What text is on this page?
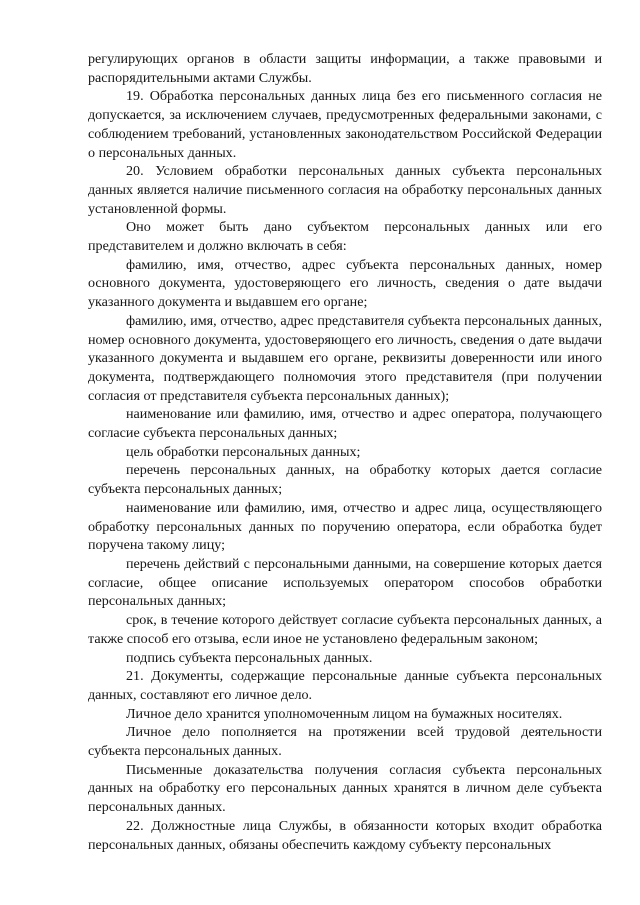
регулирующих органов в области защиты информации, а также правовыми и распорядительными актами Службы.

19. Обработка персональных данных лица без его письменного согласия не допускается, за исключением случаев, предусмотренных федеральными законами, с соблюдением требований, установленных законодательством Российской Федерации о персональных данных.

20. Условием обработки персональных данных субъекта персональных данных является наличие письменного согласия на обработку персональных данных установленной формы.

Оно может быть дано субъектом персональных данных или его представителем и должно включать в себя:

фамилию, имя, отчество, адрес субъекта персональных данных, номер основного документа, удостоверяющего его личность, сведения о дате выдачи указанного документа и выдавшем его органе;

фамилию, имя, отчество, адрес представителя субъекта персональных данных, номер основного документа, удостоверяющего его личность, сведения о дате выдачи указанного документа и выдавшем его органе, реквизиты доверенности или иного документа, подтверждающего полномочия этого представителя (при получении согласия от представителя субъекта персональных данных);

наименование или фамилию, имя, отчество и адрес оператора, получающего согласие субъекта персональных данных;

цель обработки персональных данных;

перечень персональных данных, на обработку которых дается согласие субъекта персональных данных;

наименование или фамилию, имя, отчество и адрес лица, осуществляющего обработку персональных данных по поручению оператора, если обработка будет поручена такому лицу;

перечень действий с персональными данными, на совершение которых дается согласие, общее описание используемых оператором способов обработки персональных данных;

срок, в течение которого действует согласие субъекта персональных данных, а также способ его отзыва, если иное не установлено федеральным законом;

подпись субъекта персональных данных.

21. Документы, содержащие персональные данные субъекта персональных данных, составляют его личное дело.

Личное дело хранится уполномоченным лицом на бумажных носителях.

Личное дело пополняется на протяжении всей трудовой деятельности субъекта персональных данных.

Письменные доказательства получения согласия субъекта персональных данных на обработку его персональных данных хранятся в личном деле субъекта персональных данных.

22. Должностные лица Службы, в обязанности которых входит обработка персональных данных, обязаны обеспечить каждому субъекту персональных
